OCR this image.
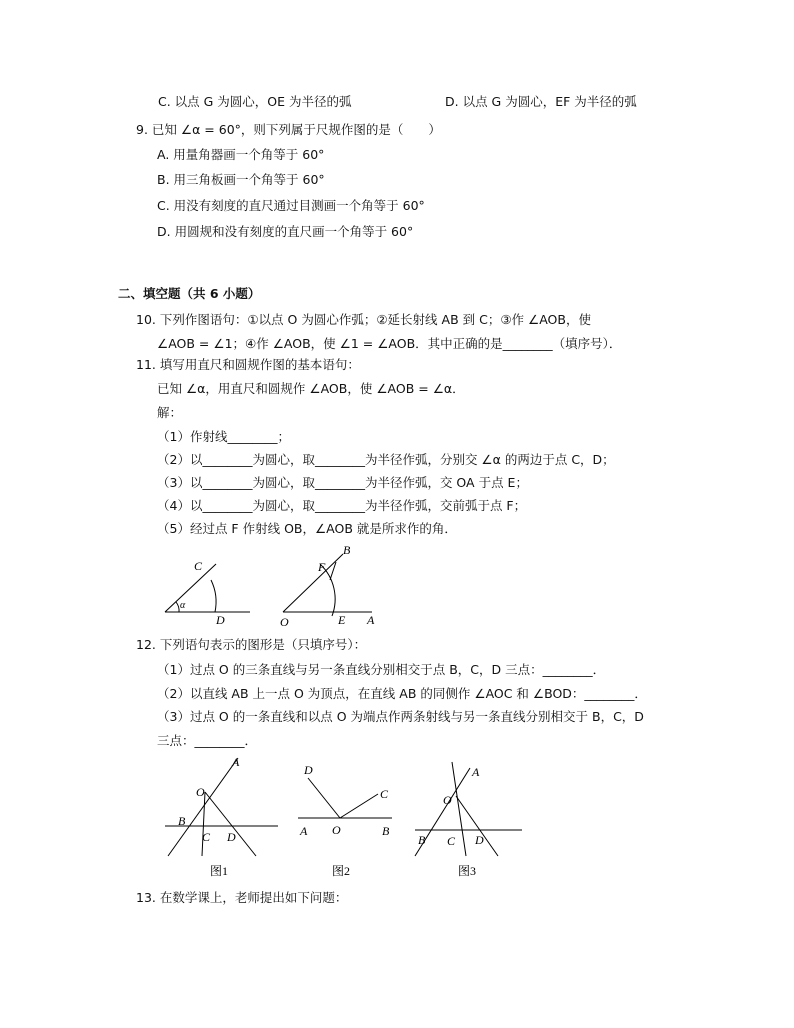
C. 以点 G 为圆心，OE 为半径的弧	D. 以点 G 为圆心，EF 为半径的弧
9. 已知 ∠α = 60°，则下列属于尺规作图的是（　　）
A. 用量角器画一个角等于 60°
B. 用三角板画一个角等于 60°
C. 用没有刻度的直尺通过目测画一个角等于 60°
D. 用圆规和没有刻度的直尺画一个角等于 60°
二、填空题（共 6 小题）
10. 下列作图语句：①以点 O 为圆心作弧；②延长射线 AB 到 C；③作 ∠AOB，使
∠AOB = ∠1；④作 ∠AOB，使 ∠1 = ∠AOB．其中正确的是________（填序号）．
11. 填写用直尺和圆规作图的基本语句：
已知 ∠α，用直尺和圆规作 ∠AOB，使 ∠AOB = ∠α．
解：
（1）作射线________；
（2）以________为圆心，取________为半径作弧，分别交 ∠α 的两边于点 C，D；
（3）以________为圆心，取________为半径作弧，交 OA 于点 E；
（4）以________为圆心，取________为半径作弧，交前弧于点 F；
（5）经过点 F 作射线 OB，∠AOB 就是所求作的角．
C
α
D
B
F
O	E A
12. 下列语句表示的图形是（只填序号）：
（1）过点 O 的三条直线与另一条直线分别相交于点 B，C，D 三点：________．
（2）以直线 AB 上一点 O 为顶点，在直线 AB 的同侧作 ∠AOC 和 ∠BOD：________．
（3）过点 O 的一条直线和以点 O 为端点作两条射线与另一条直线分别相交于 B，C，D
三点：________．
A
O
B
C D
图1
D
C
A O	B
图2
A
O
B C D
图3
13. 在数学课上，老师提出如下问题：
